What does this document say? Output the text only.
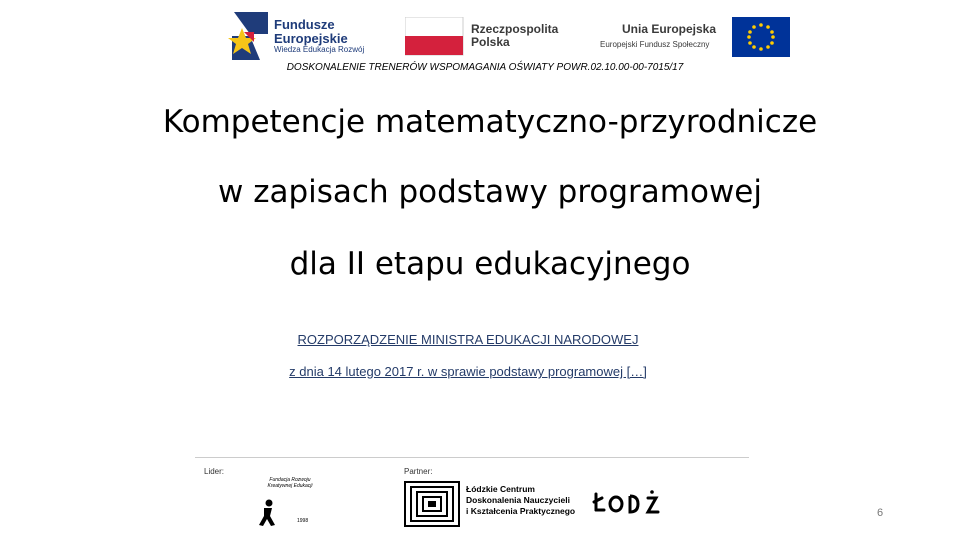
Fundusze
Europejskie
Wiedza Edukacja Rozwój
Rzeczpospolita
Polska
Unia Europejska
Europejski Fundusz Społeczny
DOSKONALENIE TRENERÓW WSPOMAGANIA OŚWIATY POWR.02.10.00-00-7015/17
Kompetencje matematyczno-przyrodnicze
w zapisach podstawy programowej
dla II etapu edukacyjnego
ROZPORZĄDZENIE MINISTRA EDUKACJI NARODOWEJ
z dnia 14 lutego 2017 r. w sprawie podstawy programowej […]
Lider:	Partner:
Fundacja Rozwoju Kreatywnej Edukacji
1998
Łódzkie Centrum
Doskonalenia Nauczycieli
i Kształcenia Praktycznego	6
